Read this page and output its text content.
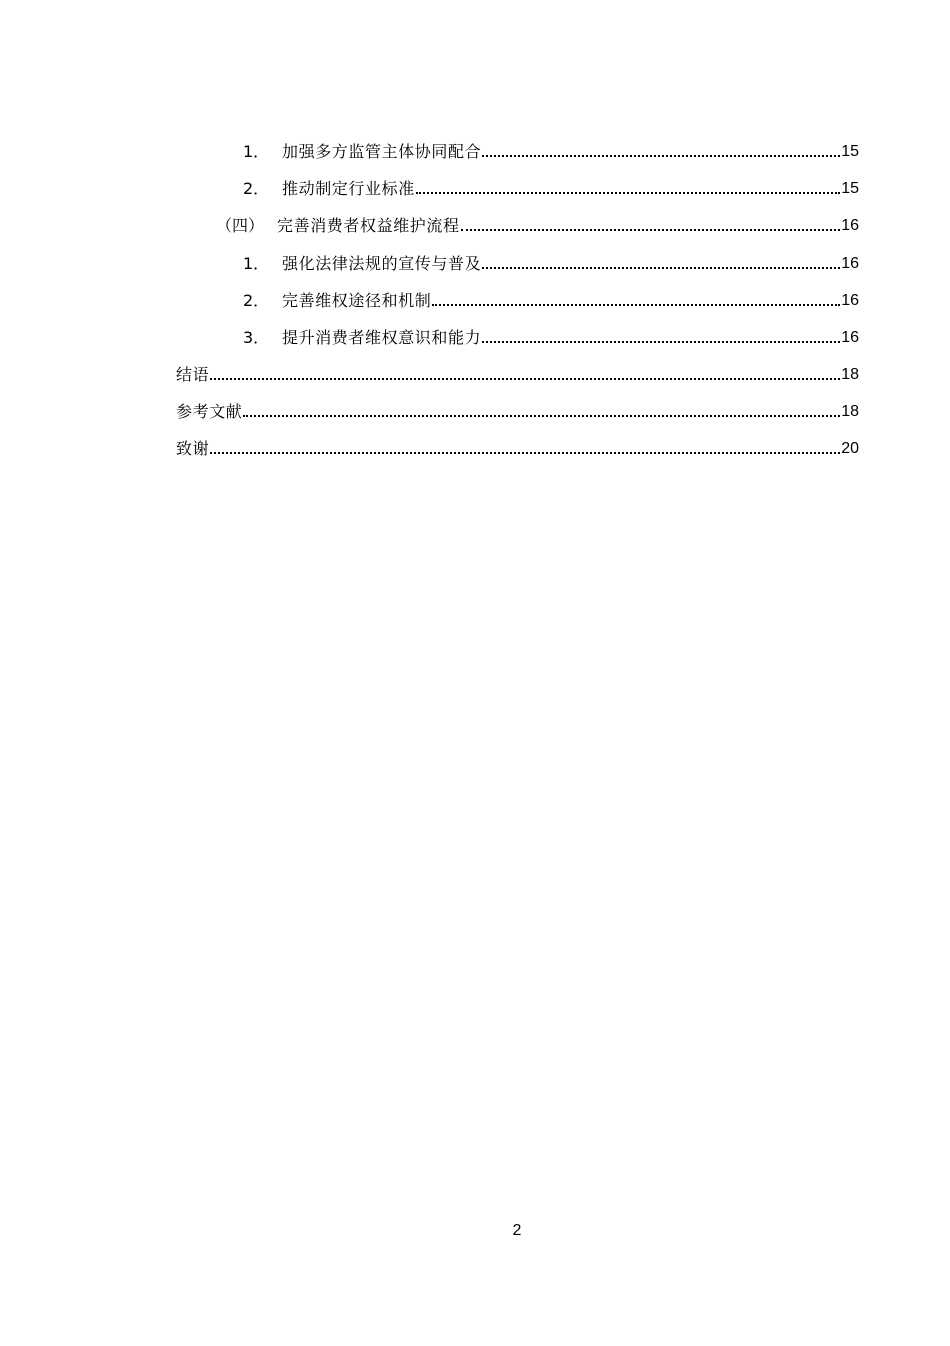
1． 加强多方监管主体协同配合	15
2． 推动制定行业标准	15
（四） 完善消费者权益维护流程	16
1． 强化法律法规的宣传与普及	16
2． 完善维权途径和机制	16
3． 提升消费者维权意识和能力	16
结语	18
参考文献	18
致谢	20
2
